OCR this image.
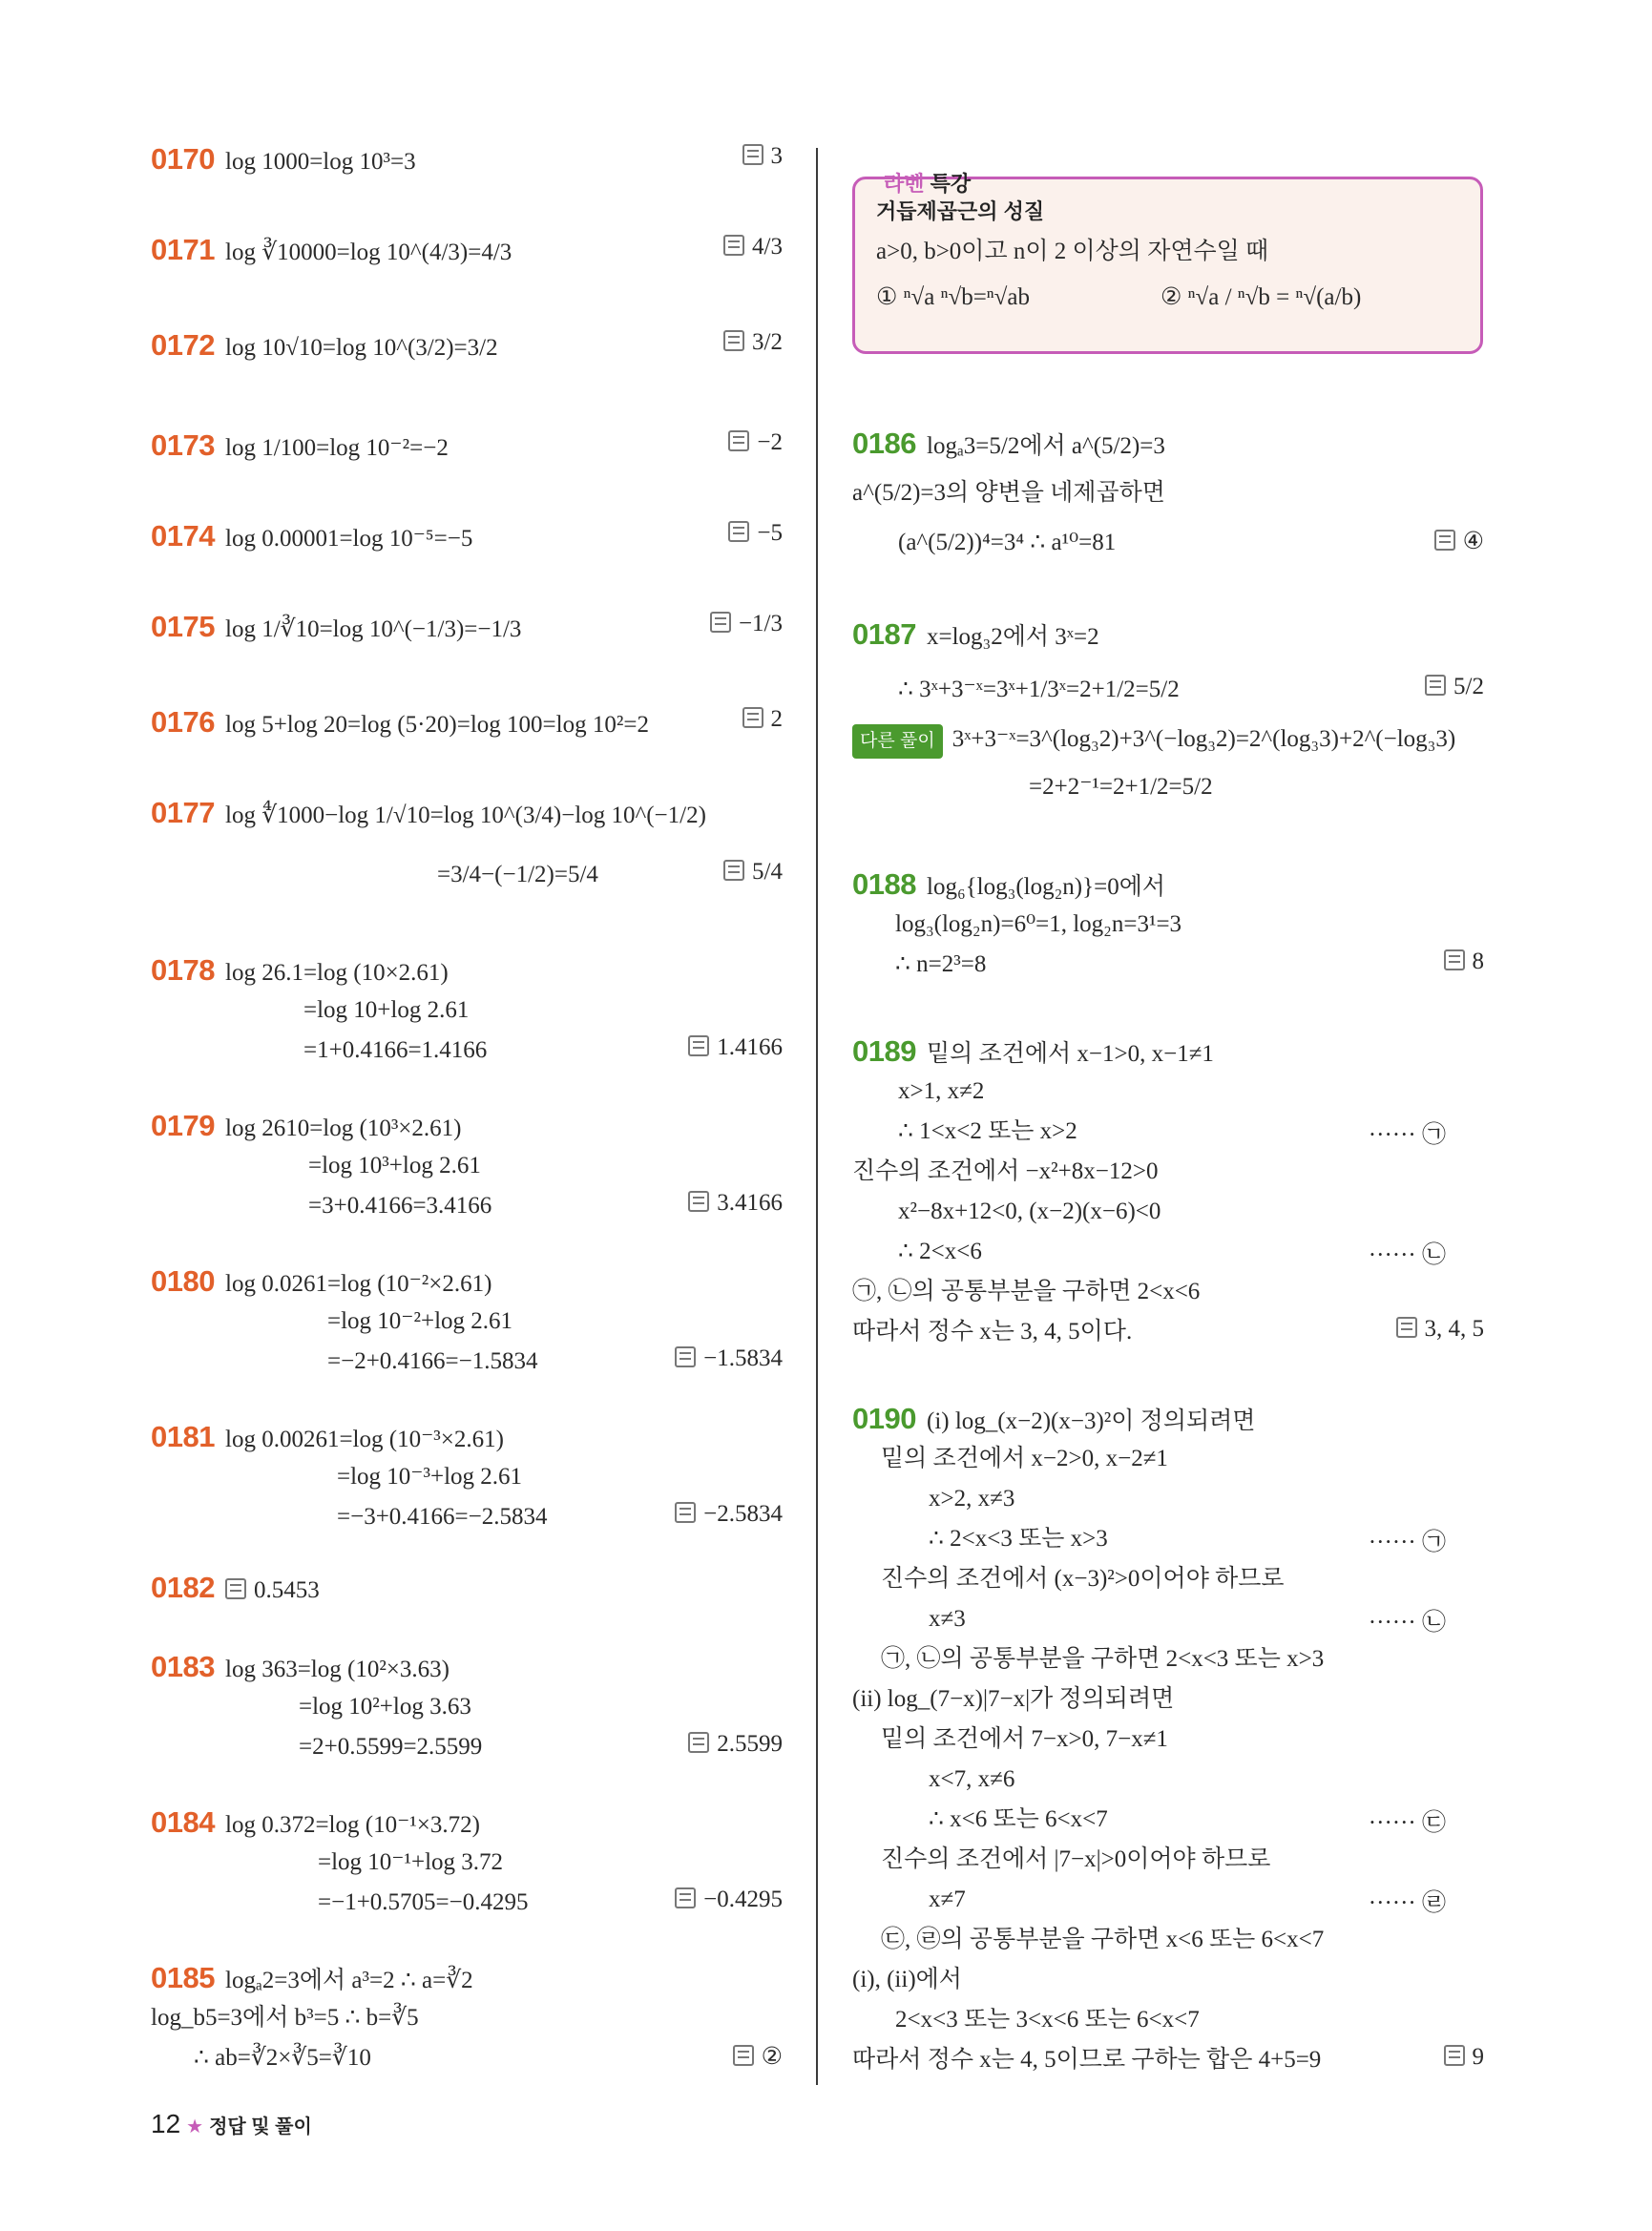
0170 log 1000=log 10³=3	3
0171 log ∛10000=log 10^(4/3)=4/3	4/3
0172 log 10√10=log 10^(3/2)=3/2	3/2
0173 log 1/100=log 10⁻²=−2	−2
0174 log 0.00001=log 10⁻⁵=−5	−5
0175 log 1/∛10=log 10^(−1/3)=−1/3	−1/3
0176 log 5+log 20=log (5·20)=log 100=log 10²=2	2
0177 log ∜1000−log 1/√10=log 10^(3/4)−log 10^(−1/2)
=3/4−(−1/2)=5/4	5/4
0178 log 26.1=log (10×2.61)
=log 10+log 2.61
=1+0.4166=1.4166	1.4166
0179 log 2610=log (10³×2.61)
=log 10³+log 2.61
=3+0.4166=3.4166	3.4166
0180 log 0.0261=log (10⁻²×2.61)
=log 10⁻²+log 2.61
=−2+0.4166=−1.5834	−1.5834
0181 log 0.00261=log (10⁻³×2.61)
=log 10⁻³+log 2.61
=−3+0.4166=−2.5834	−2.5834
0182 0.5453
0183 log 363=log (10²×3.63)
=log 10²+log 3.63
=2+0.5599=2.5599	2.5599
0184 log 0.372=log (10⁻¹×3.72)
=log 10⁻¹+log 3.72
=−1+0.5705=−0.4295	−0.4295
0185 logₐ2=3에서 a³=2 ∴ a=∛2
log_b5=3에서 b³=5 ∴ b=∛5
∴ ab=∛2×∛5=∛10	②
라벤 특강
거듭제곱근의 성질
a>0, b>0이고 n이 2 이상의 자연수일 때
① ⁿ√a ⁿ√b=ⁿ√ab	② ⁿ√a / ⁿ√b = ⁿ√(a/b)
0186 logₐ3=5/2에서 a^(5/2)=3
a^(5/2)=3의 양변을 네제곱하면
(a^(5/2))⁴=3⁴ ∴ a¹⁰=81	④
0187 x=log₃2에서 3ˣ=2
∴ 3ˣ+3⁻ˣ=3ˣ+1/3ˣ=2+1/2=5/2	5/2
다른 풀이 3ˣ+3⁻ˣ=3^(log₃2)+3^(−log₃2)=2^(log₃3)+2^(−log₃3)
=2+2⁻¹=2+1/2=5/2
0188 log₆{log₃(log₂n)}=0에서
log₃(log₂n)=6⁰=1, log₂n=3¹=3
∴ n=2³=8	8
0189 밑의 조건에서 x−1>0, x−1≠1
x>1, x≠2
∴ 1<x<2 또는 x>2	······ ㉠
진수의 조건에서 −x²+8x−12>0
x²−8x+12<0, (x−2)(x−6)<0
∴ 2<x<6	······ ㉡
㉠, ㉡의 공통부분을 구하면 2<x<6
따라서 정수 x는 3, 4, 5이다.	3, 4, 5
0190 (i) log_(x−2)(x−3)²이 정의되려면
밑의 조건에서 x−2>0, x−2≠1
x>2, x≠3
∴ 2<x<3 또는 x>3	······ ㉠
진수의 조건에서 (x−3)²>0이어야 하므로
x≠3	······ ㉡
㉠, ㉡의 공통부분을 구하면 2<x<3 또는 x>3
(ii) log_(7−x)|7−x|가 정의되려면
밑의 조건에서 7−x>0, 7−x≠1
x<7, x≠6
∴ x<6 또는 6<x<7	······ ㉢
진수의 조건에서 |7−x|>0이어야 하므로
x≠7	······ ㉣
㉢, ㉣의 공통부분을 구하면 x<6 또는 6<x<7
(i), (ii)에서
2<x<3 또는 3<x<6 또는 6<x<7
따라서 정수 x는 4, 5이므로 구하는 합은 4+5=9	9
12 ★ 정답 및 풀이
